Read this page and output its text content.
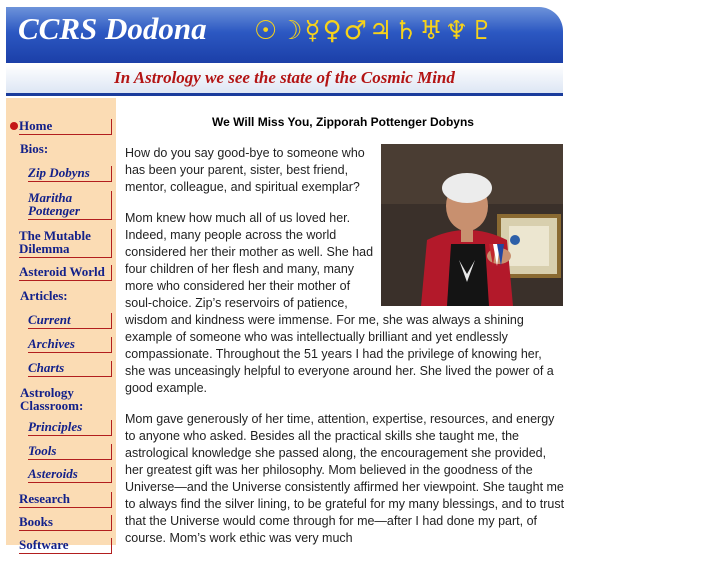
CCRS Dodona ☉☽☿♀♂♃♄♅♆♇
In Astrology we see the state of the Cosmic Mind
Home
Bios:
Zip Dobyns
Maritha
Pottenger
The Mutable
Dilemma
Asteroid World
Articles:
Current
Archives
Charts
Astrology
Classroom:
Principles
Tools
Asteroids
Research
Books
Software
We Will Miss You, Zipporah Pottenger Dobyns

How do you say good-bye to someone who has been your parent, sister, best friend, mentor, colleague, and spiritual exemplar?

Mom knew how much all of us loved her. Indeed, many people across the world considered her their mother as well. She had four children of her flesh and many, many more who considered her their mother of soul-choice. Zip’s reservoirs of patience, wisdom and kindness were immense. For me, she was always a shining example of someone who was intellectually brilliant and yet endlessly compassionate. Throughout the 51 years I had the privilege of knowing her, she was unceasingly helpful to everyone around her. She lived the power of a good example.

Mom gave generously of her time, attention, expertise, resources, and energy to anyone who asked. Besides all the practical skills she taught me, the astrological knowledge she passed along, the encouragement she provided, her greatest gift was her philosophy. Mom believed in the goodness of the Universe—and the Universe consistently affirmed her viewpoint. She taught me to always find the silver lining, to be grateful for my many blessings, and to trust that the Universe would come through for me—after I had done my part, of course. Mom’s work ethic was very much
